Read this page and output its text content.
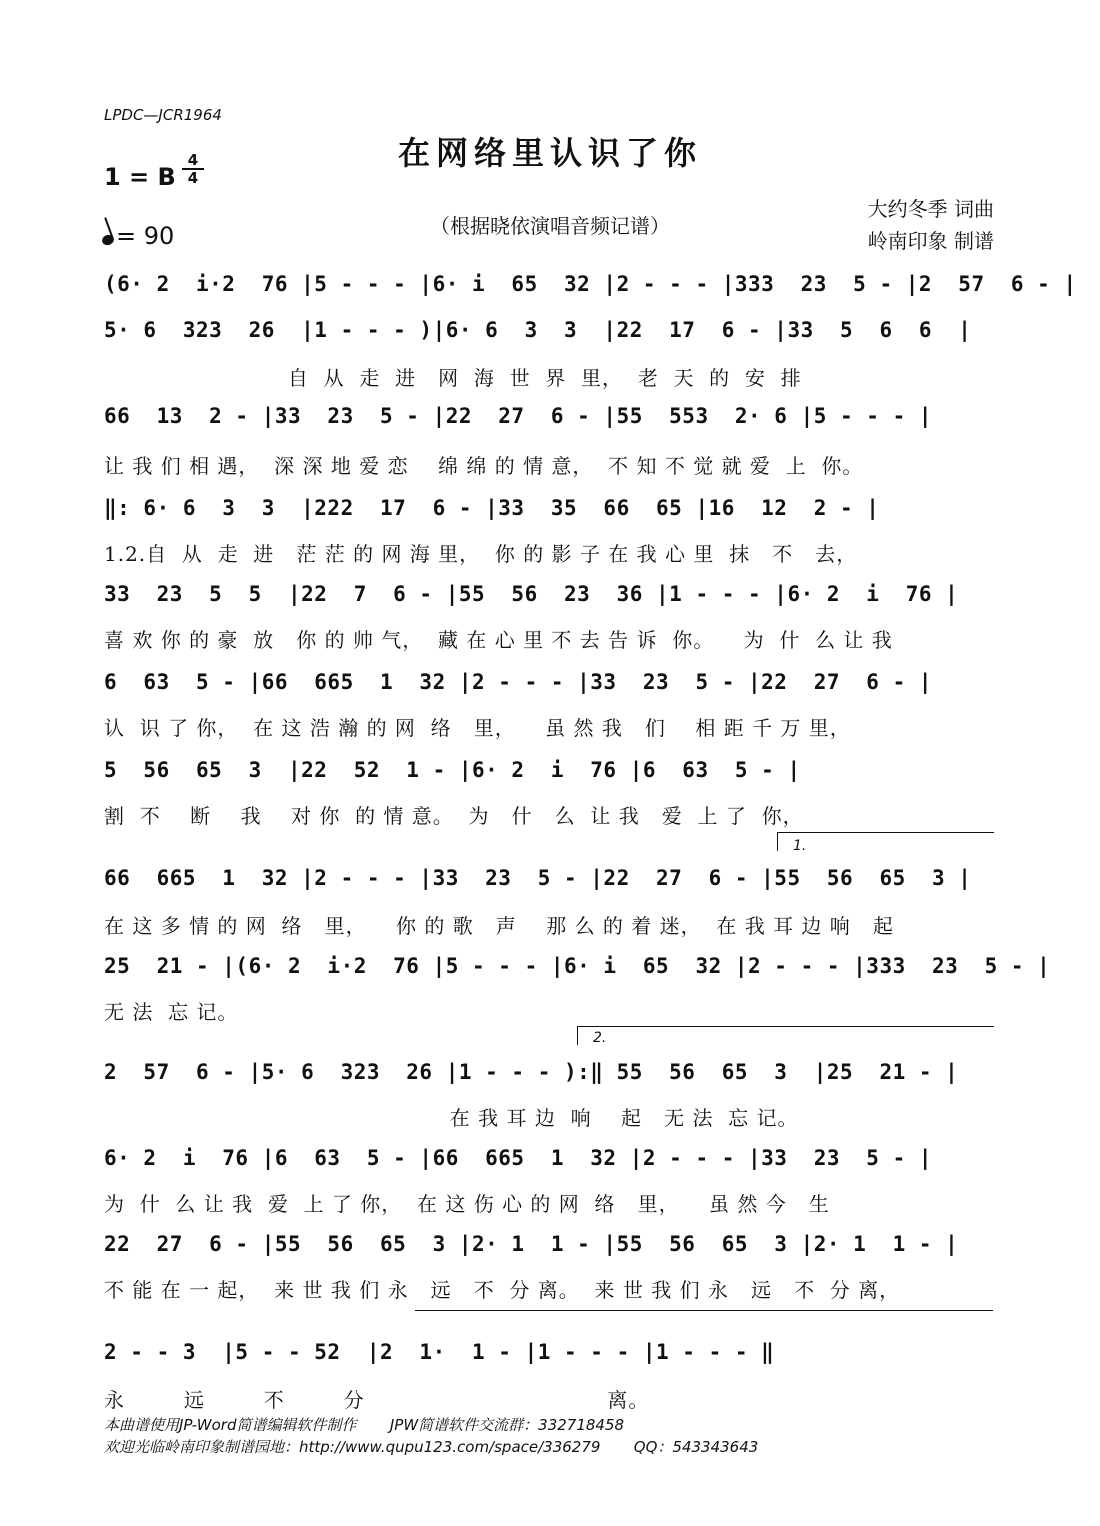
LPDC—JCR1964
在网络里认识了你
1 = B
4
4
= 90	（根据晓依演唱音频记谱）
大约冬季 词曲
岭南印象 制谱
(6· 2  i·2  76 |5 - - - |6· i  65  32 |2 - - - |333  23  5 - |2  57  6 - |
5· 6  323  26  |1 - - - )|6· 6  3  3  |22  17  6 - |33  5  6  6  |
自  从  走  进   网  海  世  界  里，  老  天  的  安  排
66  13  2 - |33  23  5 - |22  27  6 - |55  553  2· 6 |5 - - - |
让 我 们 相 遇，  深 深 地 爱 恋    绵 绵 的 情 意，  不 知 不 觉 就 爱  上  你。
‖: 6· 6  3  3  |222  17  6 - |33  35  66  65 |16  12  2 - |
1.2.自  从  走  进   茫 茫 的 网 海 里，  你 的 影 子 在 我 心 里  抹   不   去，
33  23  5  5  |22  7  6 - |55  56  23  36 |1 - - - |6· 2  i  76 |
喜 欢 你 的 豪  放   你 的 帅 气，  藏 在 心 里 不 去 告 诉  你。    为  什  么 让 我
6  63  5 - |66  665  1  32 |2 - - - |33  23  5 - |22  27  6 - |
认  识 了 你，  在 这 浩 瀚 的 网  络   里，    虽 然 我   们    相 距 千 万 里，
5  56  65  3  |22  52  1 - |6· 2  i  76 |6  63  5 - |
割  不    断    我    对 你  的 情 意。  为   什   么  让 我   爱  上 了  你，
1.
66  665  1  32 |2 - - - |33  23  5 - |22  27  6 - |55  56  65  3 |
在 这 多 情 的 网  络   里，    你 的 歌   声    那 么 的 着 迷，  在 我 耳 边 响   起
25  21 - |(6· 2  i·2  76 |5 - - - |6· i  65  32 |2 - - - |333  23  5 - |
无 法  忘 记。
2.
2  57  6 - |5· 6  323  26 |1 - - - ):‖ 55  56  65  3  |25  21 - |
在 我 耳 边  响    起   无 法  忘 记。
6· 2  i  76 |6  63  5 - |66  665  1  32 |2 - - - |33  23  5 - |
为  什  么 让 我  爱  上 了 你，  在 这 伤 心 的 网  络   里，    虽 然 今   生
22  27  6 - |55  56  65  3 |2· 1  1 - |55  56  65  3 |2· 1  1 - |
不 能 在 一 起，  来 世 我 们 永   远   不  分 离。  来 世 我 们 永   远   不  分 离，
2 - - 3  |5 - - 52  |2  1·  1 - |1 - - - |1 - - - ‖
永        远        不        分                                 离。
本曲谱使用JP-Word简谱编辑软件制作       JPW简谱软件交流群：332718458
欢迎光临岭南印象制谱园地：http://www.qupu123.com/space/336279       QQ：543343643
